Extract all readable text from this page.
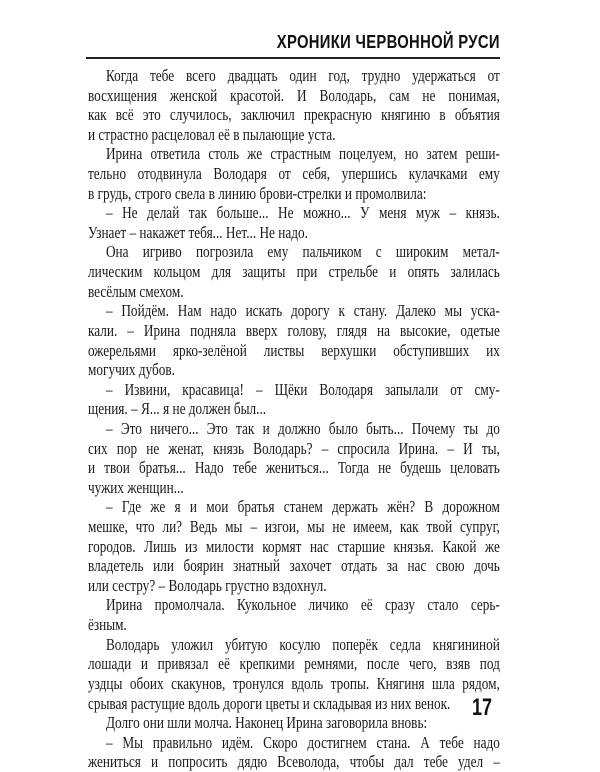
ХРОНИКИ ЧЕРВОННОЙ РУСИ
Когда тебе всего двадцать один год, трудно удержаться от
восхищения женской красотой. И Володарь, сам не понимая,
как всё это случилось, заключил прекрасную княгиню в объятия
и страстно расцеловал её в пылающие уста.
Ирина ответила столь же страстным поцелуем, но затем реши-
тельно отодвинула Володаря от себя, упершись кулачками ему
в грудь, строго свела в линию брови-стрелки и промолвила:
– Не делай так больше... Не можно... У меня муж – князь.
Узнает – накажет тебя... Нет... Не надо.
Она игриво погрозила ему пальчиком с широким метал-
лическим кольцом для защиты при стрельбе и опять залилась
весёлым смехом.
– Пойдём. Нам надо искать дорогу к стану. Далеко мы уска-
кали. – Ирина подняла вверх голову, глядя на высокие, одетые
ожерельями ярко-зелёной листвы верхушки обступивших их
могучих дубов.
– Извини, красавица! – Щёки Володаря запылали от сму-
щения. – Я... я не должен был...
– Это ничего... Это так и должно было быть... Почему ты до
сих пор не женат, князь Володарь? – спросила Ирина. – И ты,
и твои братья... Надо тебе жениться... Тогда не будешь целовать
чужих женщин...
– Где же я и мои братья станем держать жён? В дорожном
мешке, что ли? Ведь мы – изгои, мы не имеем, как твой супруг,
городов. Лишь из милости кормят нас старшие князья. Какой же
владетель или боярин знатный захочет отдать за нас свою дочь
или сестру? – Володарь грустно вздохнул.
Ирина промолчала. Кукольное личико её сразу стало серь-
ёзным.
Володарь уложил убитую косулю поперёк седла княгининой
лошади и привязал её крепкими ремнями, после чего, взяв под
уздцы обоих скакунов, тронулся вдоль тропы. Княгиня шла рядом,
срывая растущие вдоль дороги цветы и складывая из них венок.
Долго они шли молча. Наконец Ирина заговорила вновь:
– Мы правильно идём. Скоро достигнем стана. А тебе надо
жениться и попросить дядю Всеволода, чтобы дал тебе удел –
17
